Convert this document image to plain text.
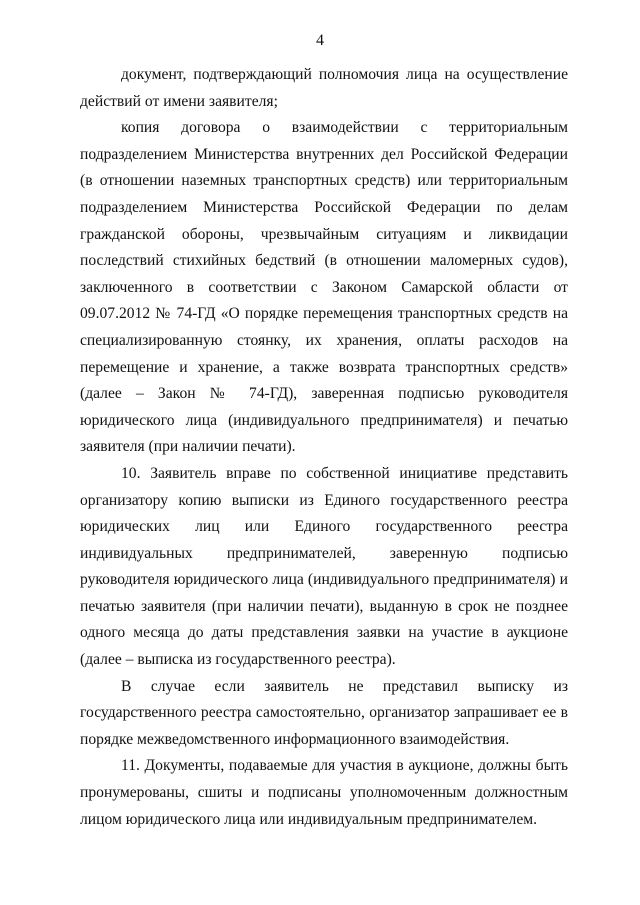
4

документ, подтверждающий полномочия лица на осуществление действий от имени заявителя;

копия договора о взаимодействии с территориальным подразделением Министерства внутренних дел Российской Федерации (в отношении наземных транспортных средств) или территориальным подразделением Министерства Российской Федерации по делам гражданской обороны, чрезвычайным ситуациям и ликвидации последствий стихийных бедствий (в отношении маломерных судов), заключенного в соответствии с Законом Самарской области от 09.07.2012 № 74-ГД «О порядке перемещения транспортных средств на специализированную стоянку, их хранения, оплаты расходов на перемещение и хранение, а также возврата транспортных средств» (далее – Закон № 74-ГД), заверенная подписью руководителя юридического лица (индивидуального предпринимателя) и печатью заявителя (при наличии печати).

10. Заявитель вправе по собственной инициативе представить организатору копию выписки из Единого государственного реестра юридических лиц или Единого государственного реестра индивидуальных предпринимателей, заверенную подписью руководителя юридического лица (индивидуального предпринимателя) и печатью заявителя (при наличии печати), выданную в срок не позднее одного месяца до даты представления заявки на участие в аукционе (далее – выписка из государственного реестра).

В случае если заявитель не представил выписку из государственного реестра самостоятельно, организатор запрашивает ее в порядке межведомственного информационного взаимодействия.

11. Документы, подаваемые для участия в аукционе, должны быть пронумерованы, сшиты и подписаны уполномоченным должностным лицом юридического лица или индивидуальным предпринимателем.
